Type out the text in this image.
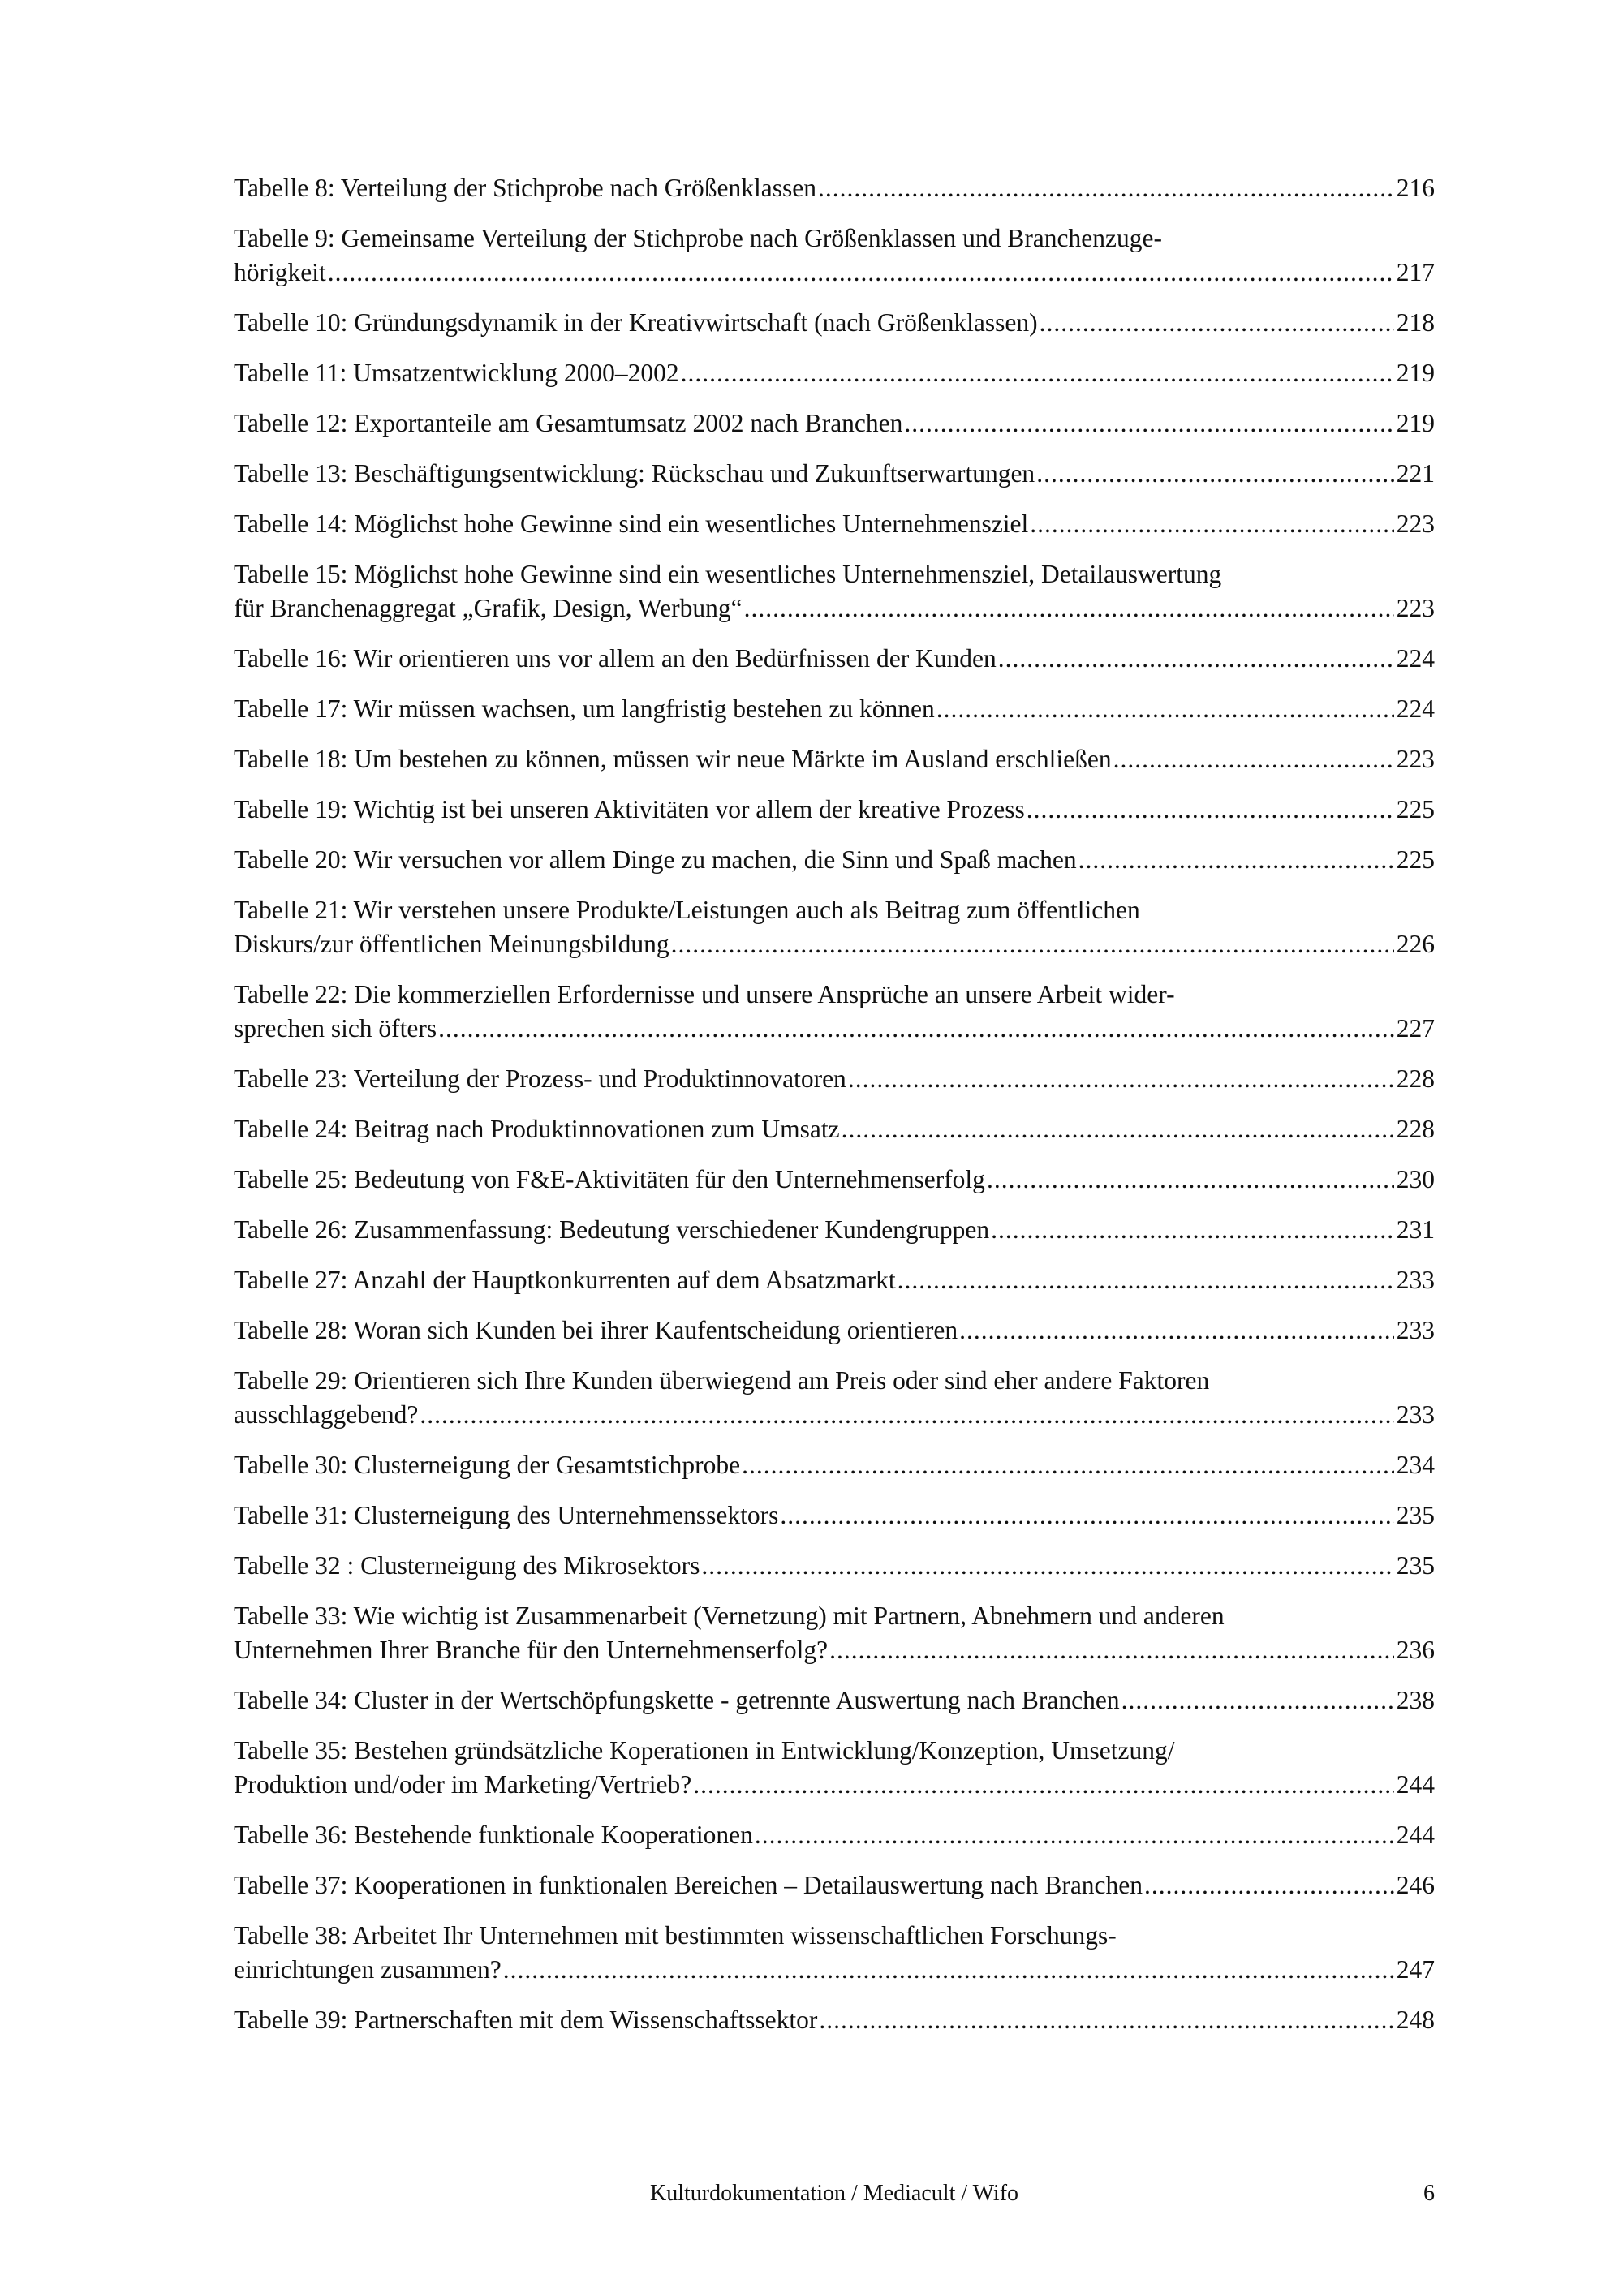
Tabelle 8: Verteilung der Stichprobe nach Größenklassen .....	216
Tabelle 9: Gemeinsame Verteilung der Stichprobe nach Größenklassen und Branchenzuge-
hörigkeit .....	217
Tabelle 10: Gründungsdynamik in der Kreativwirtschaft (nach Größenklassen) .....	218
Tabelle 11: Umsatzentwicklung 2000–2002 .....	219
Tabelle 12: Exportanteile am Gesamtumsatz 2002 nach Branchen .....	219
Tabelle 13: Beschäftigungsentwicklung: Rückschau und Zukunftserwartungen .....	221
Tabelle 14: Möglichst hohe Gewinne sind ein wesentliches Unternehmensziel .....	223
Tabelle 15: Möglichst hohe Gewinne sind ein wesentliches Unternehmensziel, Detailauswertung
für Branchenaggregat „Grafik, Design, Werbung“ .....	223
Tabelle 16: Wir orientieren uns vor allem an den Bedürfnissen der Kunden .....	224
Tabelle 17: Wir müssen wachsen, um langfristig bestehen zu können .....	224
Tabelle 18: Um bestehen zu können, müssen wir neue Märkte im Ausland erschließen .....	223
Tabelle 19: Wichtig ist bei unseren Aktivitäten vor allem der kreative Prozess .....	225
Tabelle 20: Wir versuchen vor allem Dinge zu machen, die Sinn und Spaß machen .....	225
Tabelle 21: Wir verstehen unsere Produkte/Leistungen auch als Beitrag zum öffentlichen
Diskurs/zur öffentlichen Meinungsbildung .....	226
Tabelle 22: Die kommerziellen Erfordernisse und unsere Ansprüche an unsere Arbeit wider-
sprechen sich öfters .....	227
Tabelle 23: Verteilung der Prozess- und Produktinnovatoren .....	228
Tabelle 24: Beitrag nach Produktinnovationen zum Umsatz .....	228
Tabelle 25: Bedeutung von F&E-Aktivitäten für den Unternehmenserfolg .....	230
Tabelle 26: Zusammenfassung: Bedeutung verschiedener Kundengruppen .....	231
Tabelle 27: Anzahl der Hauptkonkurrenten auf dem Absatzmarkt .....	233
Tabelle 28: Woran sich Kunden bei ihrer Kaufentscheidung orientieren .....	233
Tabelle 29: Orientieren sich Ihre Kunden überwiegend am Preis oder sind eher andere Faktoren
ausschlaggebend? .....	233
Tabelle 30: Clusterneigung der Gesamtstichprobe .....	234
Tabelle 31: Clusterneigung des Unternehmenssektors .....	235
Tabelle 32 : Clusterneigung des Mikrosektors .....	235
Tabelle 33: Wie wichtig ist Zusammenarbeit (Vernetzung) mit Partnern, Abnehmern und anderen
Unternehmen Ihrer Branche für den Unternehmenserfolg? .....	236
Tabelle 34: Cluster in der Wertschöpfungskette - getrennte Auswertung nach Branchen .....	238
Tabelle 35: Bestehen gründsätzliche Koperationen in Entwicklung/Konzeption, Umsetzung/
Produktion und/oder im Marketing/Vertrieb? .....	244
Tabelle 36: Bestehende funktionale Kooperationen .....	244
Tabelle 37: Kooperationen in funktionalen Bereichen – Detailauswertung nach Branchen .....	246
Tabelle 38: Arbeitet Ihr Unternehmen mit bestimmten wissenschaftlichen Forschungs-
einrichtungen zusammen? .....	247
Tabelle 39: Partnerschaften mit dem Wissenschaftssektor .....	248
Kulturdokumentation / Mediacult / Wifo	6
